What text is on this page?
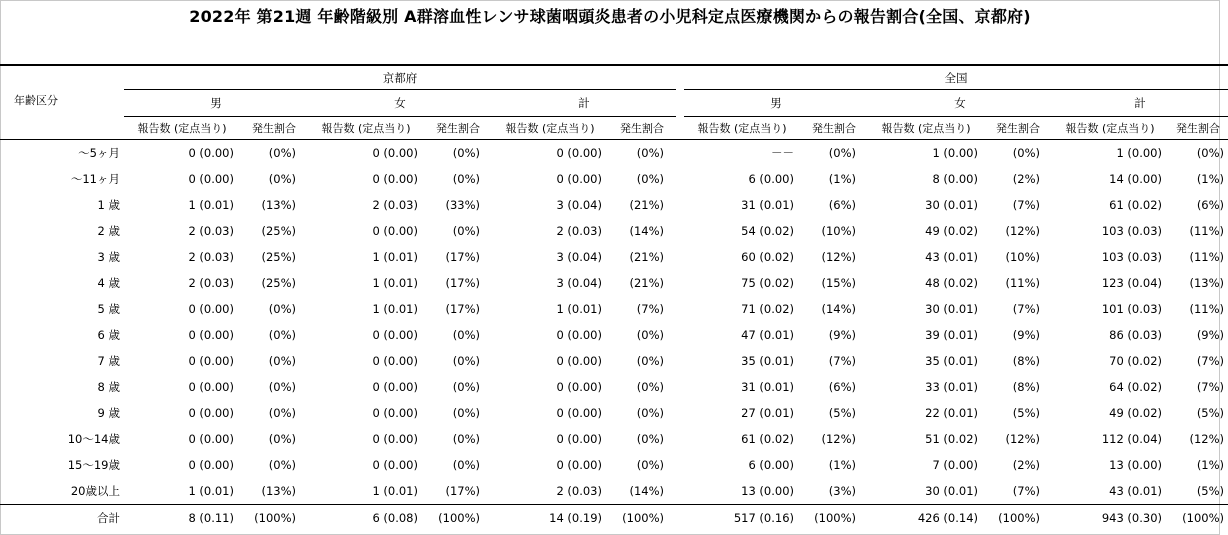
2022年 第21週 年齢階級別 A群溶血性レンサ球菌咽頭炎患者の小児科定点医療機関からの報告割合(全国、京都府)
	京都府							全国					
年齢区分	男		女		計			男		女		計	
	報告数 (定点当り)	発生割合	報告数 (定点当り)	発生割合	報告数 (定点当り)	発生割合		報告数 (定点当り)	発生割合	報告数 (定点当り)	発生割合	報告数 (定点当り)	発生割合
～5ヶ月	0 (0.00)	(0%)	0 (0.00)	(0%)	0 (0.00)	(0%)		－－	(0%)	1 (0.00)	(0%)	1 (0.00)	(0%)
～11ヶ月	0 (0.00)	(0%)	0 (0.00)	(0%)	0 (0.00)	(0%)		6 (0.00)	(1%)	8 (0.00)	(2%)	14 (0.00)	(1%)
1 歳	1 (0.01)	(13%)	2 (0.03)	(33%)	3 (0.04)	(21%)		31 (0.01)	(6%)	30 (0.01)	(7%)	61 (0.02)	(6%)
2 歳	2 (0.03)	(25%)	0 (0.00)	(0%)	2 (0.03)	(14%)		54 (0.02)	(10%)	49 (0.02)	(12%)	103 (0.03)	(11%)
3 歳	2 (0.03)	(25%)	1 (0.01)	(17%)	3 (0.04)	(21%)		60 (0.02)	(12%)	43 (0.01)	(10%)	103 (0.03)	(11%)
4 歳	2 (0.03)	(25%)	1 (0.01)	(17%)	3 (0.04)	(21%)		75 (0.02)	(15%)	48 (0.02)	(11%)	123 (0.04)	(13%)
5 歳	0 (0.00)	(0%)	1 (0.01)	(17%)	1 (0.01)	(7%)		71 (0.02)	(14%)	30 (0.01)	(7%)	101 (0.03)	(11%)
6 歳	0 (0.00)	(0%)	0 (0.00)	(0%)	0 (0.00)	(0%)		47 (0.01)	(9%)	39 (0.01)	(9%)	86 (0.03)	(9%)
7 歳	0 (0.00)	(0%)	0 (0.00)	(0%)	0 (0.00)	(0%)		35 (0.01)	(7%)	35 (0.01)	(8%)	70 (0.02)	(7%)
8 歳	0 (0.00)	(0%)	0 (0.00)	(0%)	0 (0.00)	(0%)		31 (0.01)	(6%)	33 (0.01)	(8%)	64 (0.02)	(7%)
9 歳	0 (0.00)	(0%)	0 (0.00)	(0%)	0 (0.00)	(0%)		27 (0.01)	(5%)	22 (0.01)	(5%)	49 (0.02)	(5%)
10～14歳	0 (0.00)	(0%)	0 (0.00)	(0%)	0 (0.00)	(0%)		61 (0.02)	(12%)	51 (0.02)	(12%)	112 (0.04)	(12%)
15～19歳	0 (0.00)	(0%)	0 (0.00)	(0%)	0 (0.00)	(0%)		6 (0.00)	(1%)	7 (0.00)	(2%)	13 (0.00)	(1%)
20歳以上	1 (0.01)	(13%)	1 (0.01)	(17%)	2 (0.03)	(14%)		13 (0.00)	(3%)	30 (0.01)	(7%)	43 (0.01)	(5%)
合計	8 (0.11)	(100%)	6 (0.08)	(100%)	14 (0.19)	(100%)		517 (0.16)	(100%)	426 (0.14)	(100%)	943 (0.30)	(100%)
